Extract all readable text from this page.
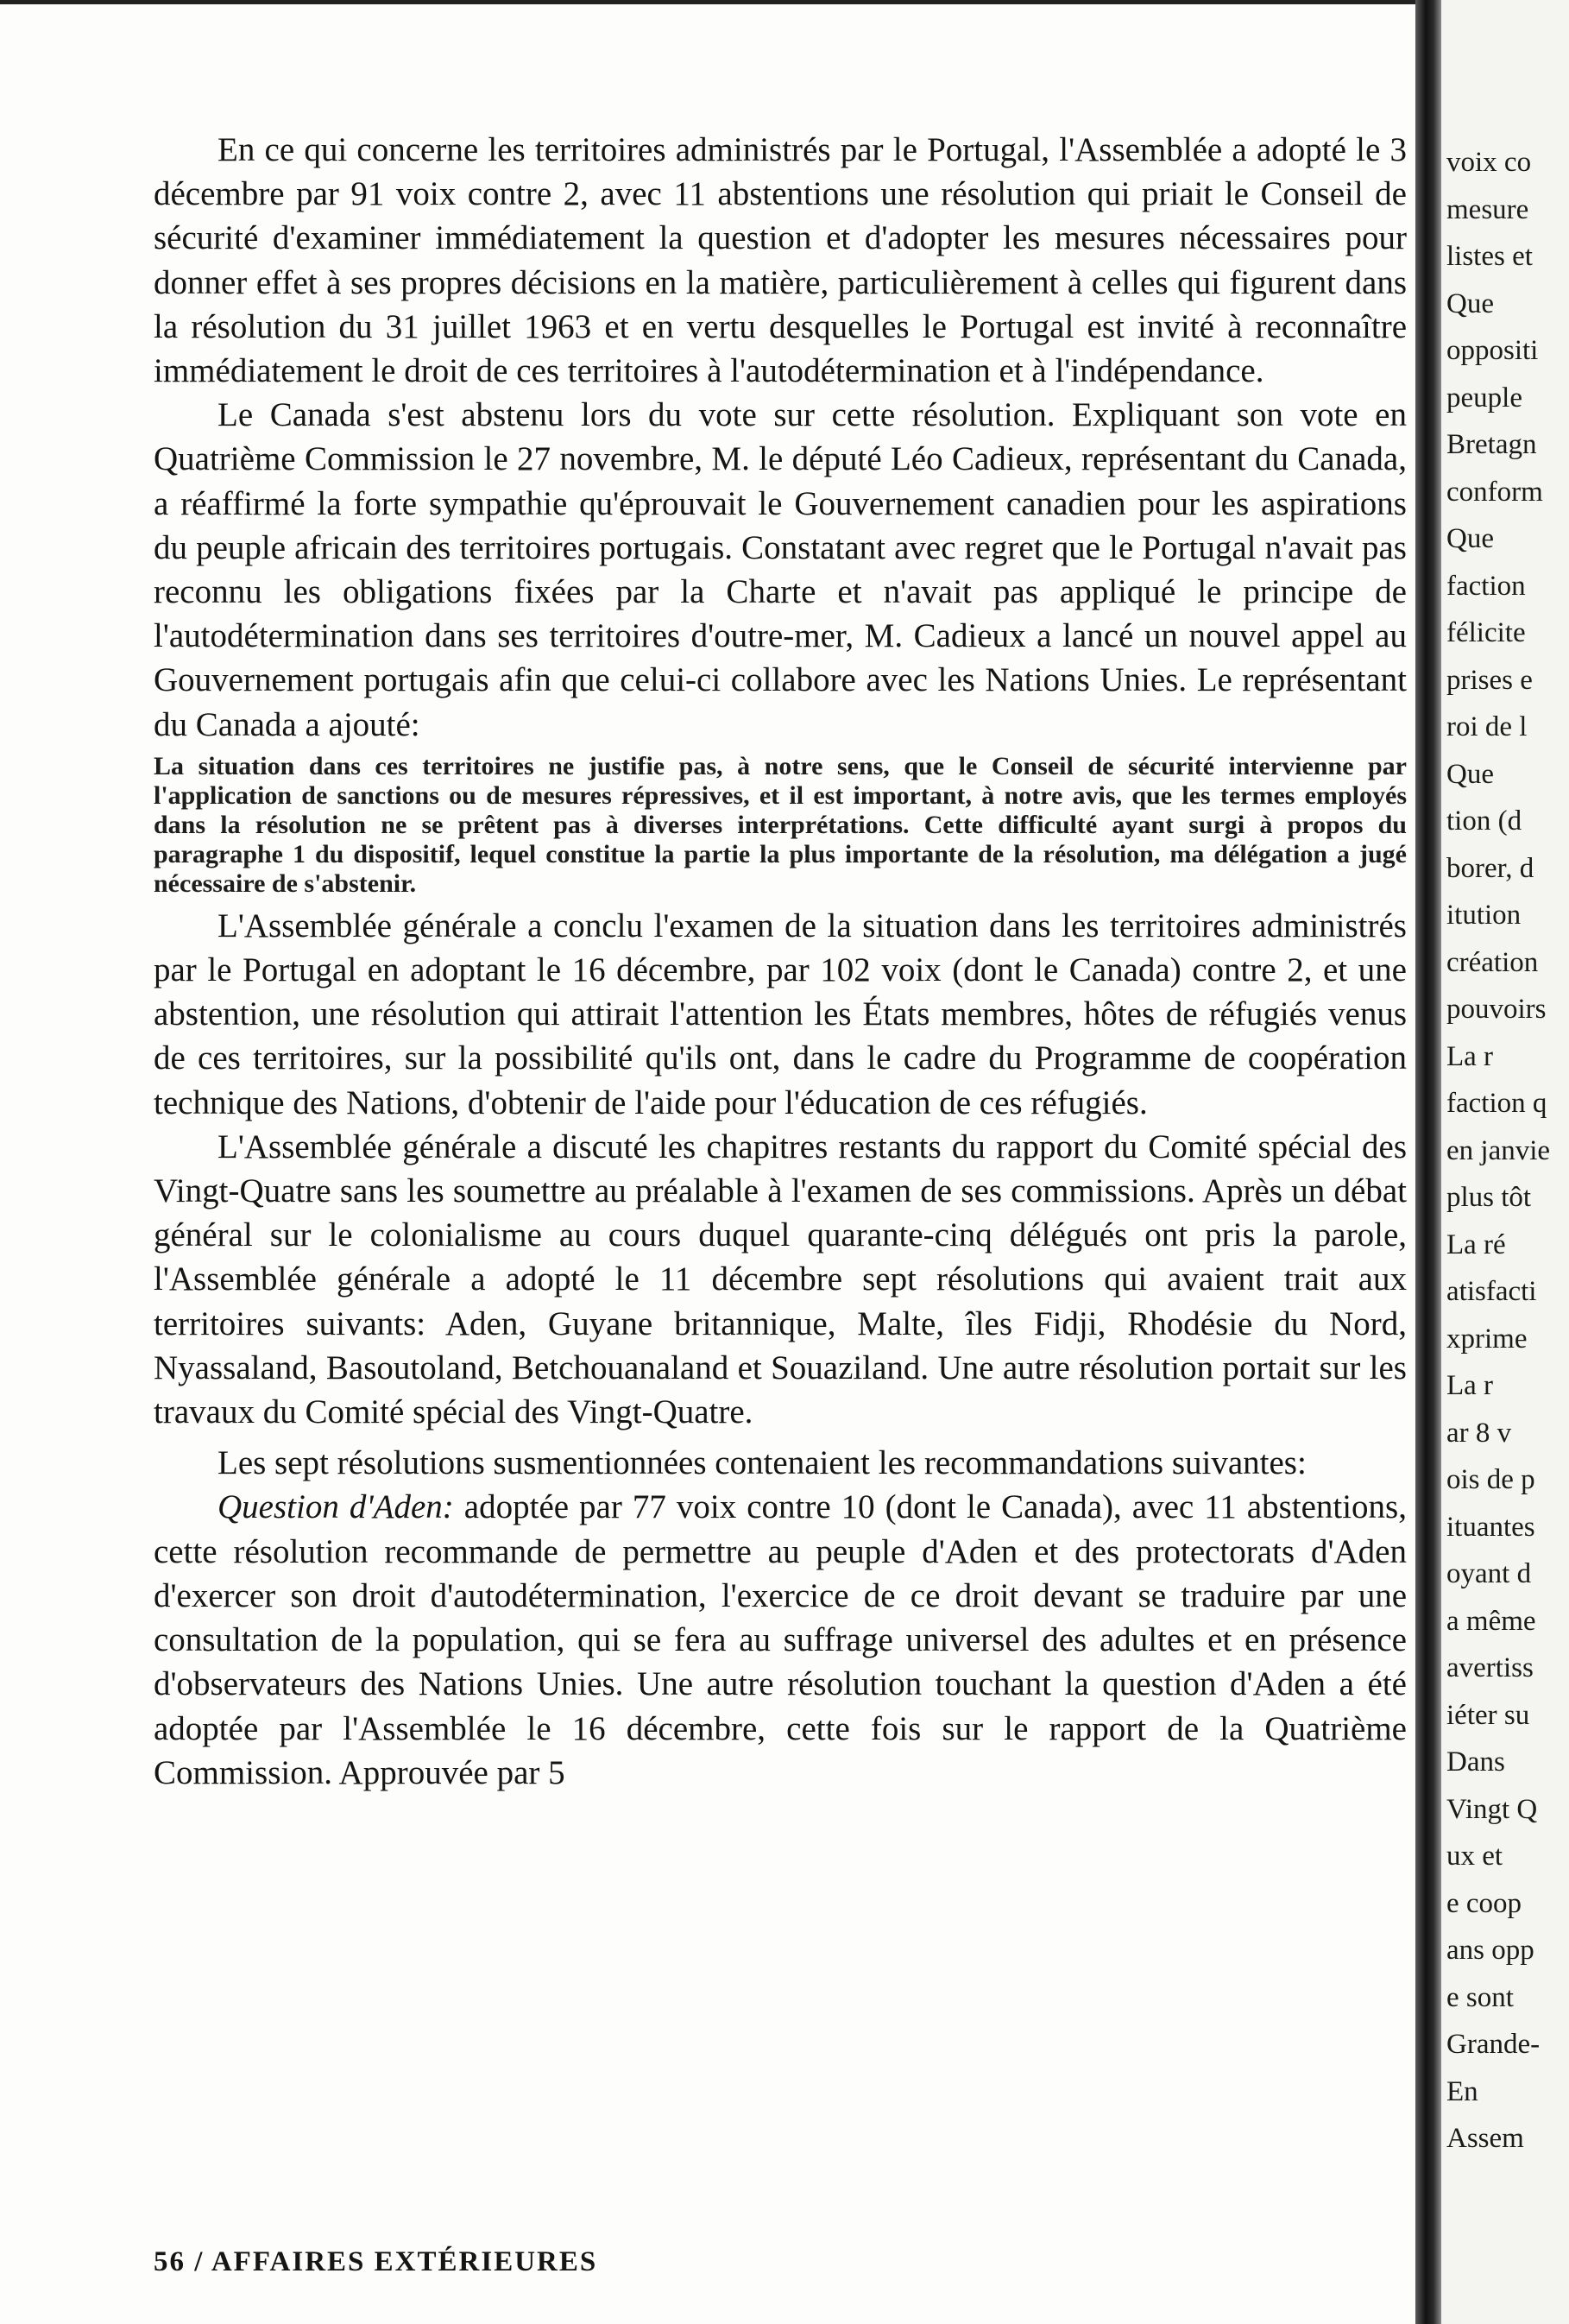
En ce qui concerne les territoires administrés par le Portugal, l'Assemblée a adopté le 3 décembre par 91 voix contre 2, avec 11 abstentions une résolution qui priait le Conseil de sécurité d'examiner immédiatement la question et d'adopter les mesures nécessaires pour donner effet à ses propres décisions en la matière, particulièrement à celles qui figurent dans la résolution du 31 juillet 1963 et en vertu desquelles le Portugal est invité à reconnaître immédiatement le droit de ces territoires à l'autodétermination et à l'indépendance.

Le Canada s'est abstenu lors du vote sur cette résolution. Expliquant son vote en Quatrième Commission le 27 novembre, M. le député Léo Cadieux, représentant du Canada, a réaffirmé la forte sympathie qu'éprouvait le Gouvernement canadien pour les aspirations du peuple africain des territoires portugais. Constatant avec regret que le Portugal n'avait pas reconnu les obligations fixées par la Charte et n'avait pas appliqué le principe de l'autodétermination dans ses territoires d'outre-mer, M. Cadieux a lancé un nouvel appel au Gouvernement portugais afin que celui-ci collabore avec les Nations Unies. Le représentant du Canada a ajouté:

La situation dans ces territoires ne justifie pas, à notre sens, que le Conseil de sécurité intervienne par l'application de sanctions ou de mesures répressives, et il est important, à notre avis, que les termes employés dans la résolution ne se prêtent pas à diverses interprétations. Cette difficulté ayant surgi à propos du paragraphe 1 du dispositif, lequel constitue la partie la plus importante de la résolution, ma délégation a jugé nécessaire de s'abstenir.

L'Assemblée générale a conclu l'examen de la situation dans les territoires administrés par le Portugal en adoptant le 16 décembre, par 102 voix (dont le Canada) contre 2, et une abstention, une résolution qui attirait l'attention les États membres, hôtes de réfugiés venus de ces territoires, sur la possibilité qu'ils ont, dans le cadre du Programme de coopération technique des Nations, d'obtenir de l'aide pour l'éducation de ces réfugiés.

L'Assemblée générale a discuté les chapitres restants du rapport du Comité spécial des Vingt-Quatre sans les soumettre au préalable à l'examen de ses commissions. Après un débat général sur le colonialisme au cours duquel quarante-cinq délégués ont pris la parole, l'Assemblée générale a adopté le 11 décembre sept résolutions qui avaient trait aux territoires suivants: Aden, Guyane britannique, Malte, îles Fidji, Rhodésie du Nord, Nyassaland, Basoutoland, Betchouanaland et Souaziland. Une autre résolution portait sur les travaux du Comité spécial des Vingt-Quatre.

Les sept résolutions susmentionnées contenaient les recommandations suivantes:

Question d'Aden: adoptée par 77 voix contre 10 (dont le Canada), avec 11 abstentions, cette résolution recommande de permettre au peuple d'Aden et des protectorats d'Aden d'exercer son droit d'autodétermination, l'exercice de ce droit devant se traduire par une consultation de la population, qui se fera au suffrage universel des adultes et en présence d'observateurs des Nations Unies. Une autre résolution touchant la question d'Aden a été adoptée par l'Assemblée le 16 décembre, cette fois sur le rapport de la Quatrième Commission. Approuvée par 5

56 / AFFAIRES EXTÉRIEURES
voix co
mesure
listes et
Que
oppositi
peuple
Bretagn
conform
Que
faction
félicite
prises e
roi de l
Que
tion (d
borer, d
itution
création
pouvoirs
La r
faction q
en janvie
plus tôt
La ré
atisfacti
xprime
La r
ar 8 v
ois de p
ituantes
oyant d
a même
avertiss
iéter su
Dans
Vingt Q
ux et
e coop
ans opp
e sont
Grande-
En
Assem
